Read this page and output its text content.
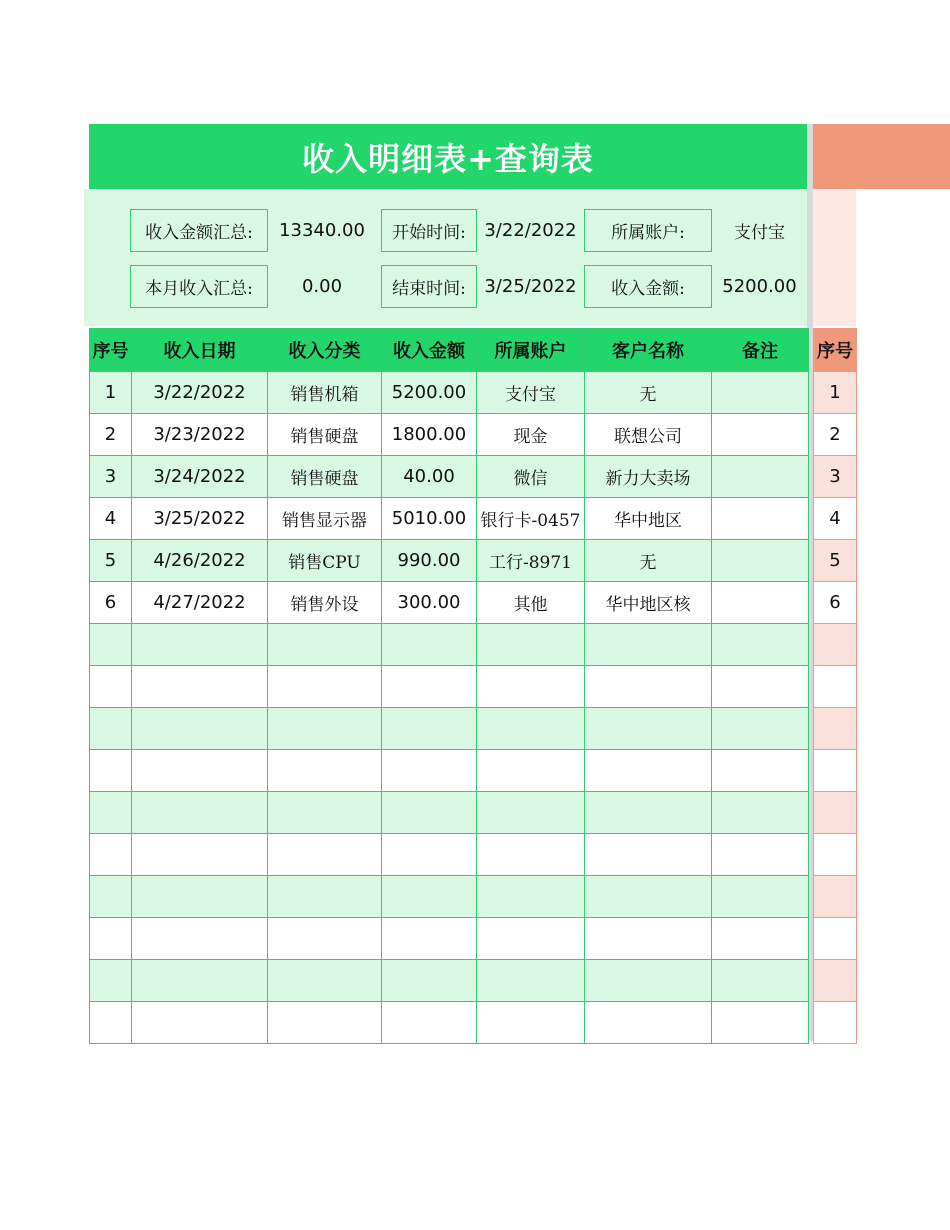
收入明细表+查询表
收入金额汇总:	13340.00	开始时间:	3/22/2022	所属账户:	支付宝
本月收入汇总:	0.00	结束时间:	3/25/2022	收入金额:	5200.00
序号	收入日期	收入分类	收入金额	所属账户	客户名称	备注
1	3/22/2022	销售机箱	5200.00	支付宝	无	
2	3/23/2022	销售硬盘	1800.00	现金	联想公司	
3	3/24/2022	销售硬盘	40.00	微信	新力大卖场	
4	3/25/2022	销售显示器	5010.00	银行卡-0457	华中地区	
5	4/26/2022	销售CPU	990.00	工行-8971	无	
6	4/27/2022	销售外设	300.00	其他	华中地区核	

序号
1
2
3
4
5
6
